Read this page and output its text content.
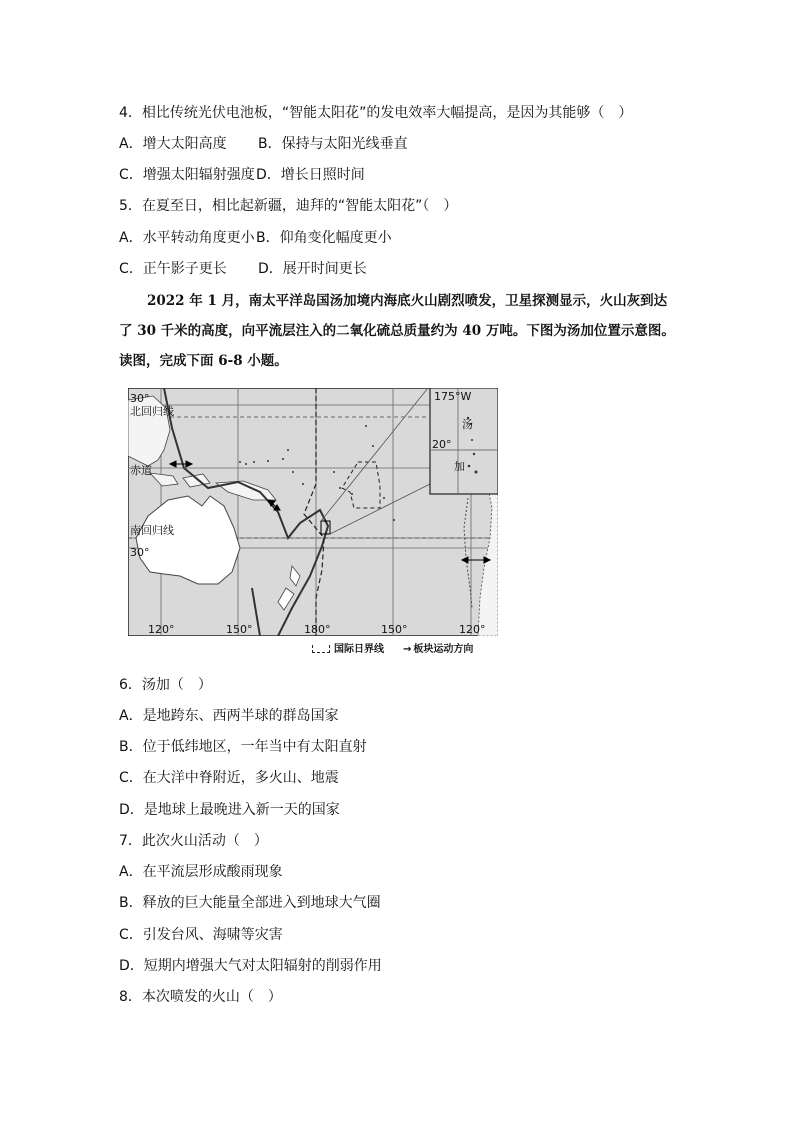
4．相比传统光伏电池板，“智能太阳花”的发电效率大幅提高，是因为其能够（　）
A．增大太阳高度 B．保持与太阳光线垂直
C．增强太阳辐射强度 D．增长日照时间
5．在夏至日，相比起新疆，迪拜的“智能太阳花”（　）
A．水平转动角度更小 B．仰角变化幅度更小
C．正午影子更长 D．展开时间更长
2022 年 1 月，南太平洋岛国汤加境内海底火山剧烈喷发，卫星探测显示，火山灰到达
了 30 千米的高度，向平流层注入的二氧化硫总质量约为 40 万吨。下图为汤加位置示意图。
读图，完成下面 6-8 小题。
30°
北回归线
赤道
南回归线
30°
120°	150°	180°	150°	120°
175°W
20°
汤
加
国际日界线 → 板块运动方向
6．汤加（　）
A．是地跨东、西两半球的群岛国家
B．位于低纬地区，一年当中有太阳直射
C．在大洋中脊附近，多火山、地震
D．是地球上最晚进入新一天的国家
7．此次火山活动（　）
A．在平流层形成酸雨现象
B．释放的巨大能量全部进入到地球大气圈
C．引发台风、海啸等灾害
D．短期内增强大气对太阳辐射的削弱作用
8．本次喷发的火山（　）
